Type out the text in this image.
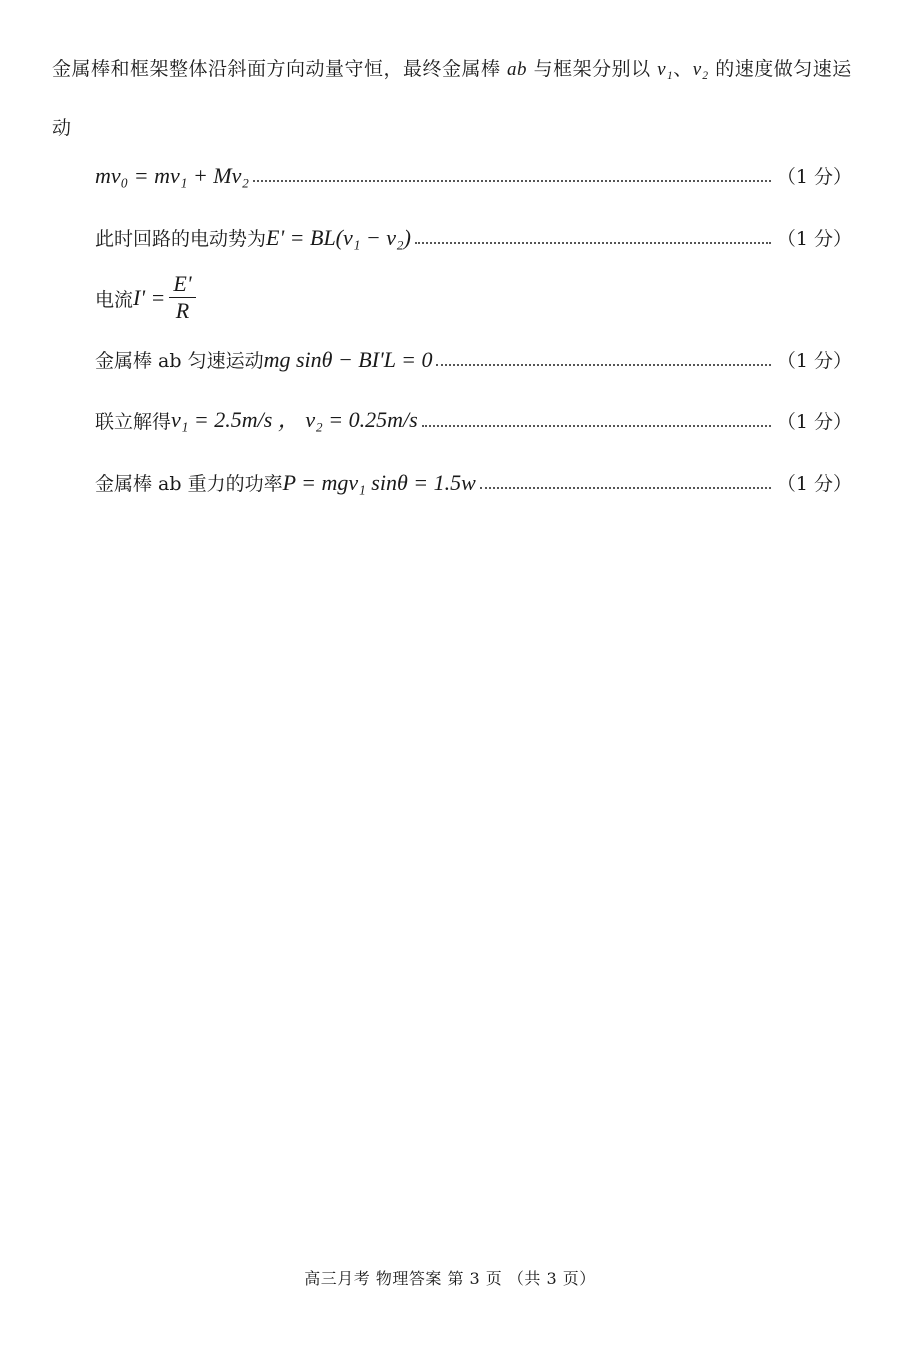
金属棒和框架整体沿斜面方向动量守恒，最终金属棒 ab 与框架分别以 v₁、v₂ 的速度做匀速运动
mv₀ = mv₁ + Mv₂	（1 分）
此时回路的电动势为 E' = BL(v₁ − v₂)	（1 分）
电流 $I' = \frac{E'}{R}$
金属棒 ab 匀速运动 mg sinθ − BI'L = 0	（1 分）
联立解得 v₁ = 2.5m/s ， v₂ = 0.25m/s	（1 分）
金属棒 ab 重力的功率 P = mgv₁ sinθ = 1.5w	（1 分）
高三月考 物理答案 第 3 页 （共 3 页）
